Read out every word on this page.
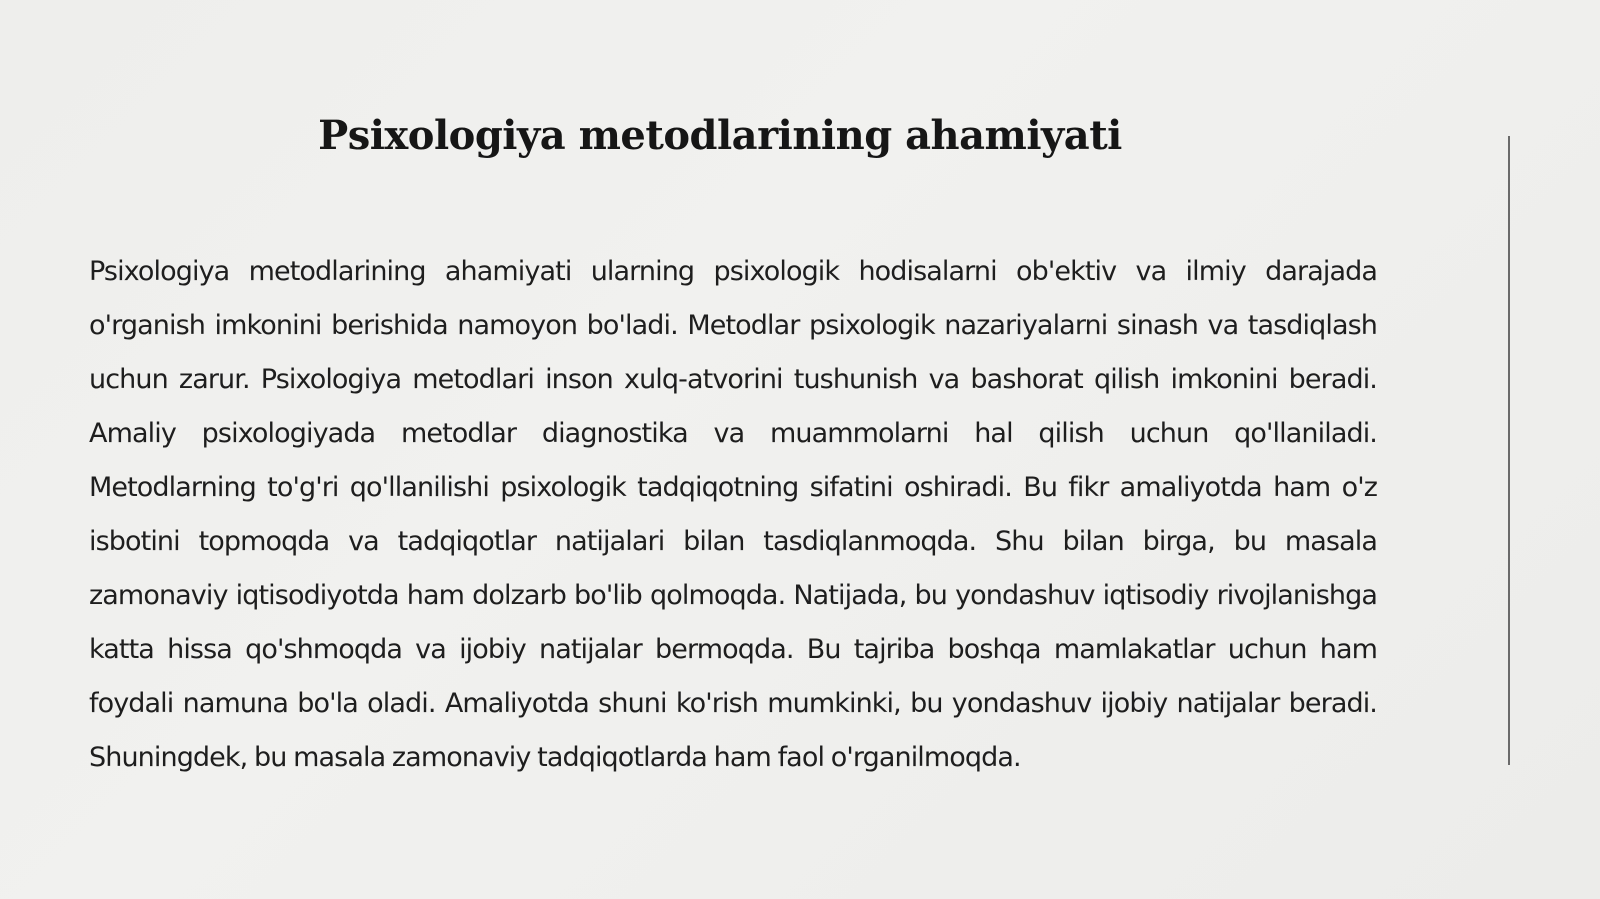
Psixologiya metodlarining ahamiyati

Psixologiya metodlarining ahamiyati ularning psixologik hodisalarni ob'ektiv va ilmiy darajada o'rganish imkonini berishida namoyon bo'ladi. Metodlar psixologik nazariyalarni sinash va tasdiqlash uchun zarur. Psixologiya metodlari inson xulq-atvorini tushunish va bashorat qilish imkonini beradi. Amaliy psixologiyada metodlar diagnostika va muammolarni hal qilish uchun qo'llaniladi. Metodlarning to'g'ri qo'llanilishi psixologik tadqiqotning sifatini oshiradi. Bu fikr amaliyotda ham o'z isbotini topmoqda va tadqiqotlar natijalari bilan tasdiqlanmoqda. Shu bilan birga, bu masala zamonaviy iqtisodiyotda ham dolzarb bo'lib qolmoqda. Natijada, bu yondashuv iqtisodiy rivojlanishga katta hissa qo'shmoqda va ijobiy natijalar bermoqda. Bu tajriba boshqa mamlakatlar uchun ham foydali namuna bo'la oladi. Amaliyotda shuni ko'rish mumkinki, bu yondashuv ijobiy natijalar beradi. Shuningdek, bu masala zamonaviy tadqiqotlarda ham faol o'rganilmoqda.
